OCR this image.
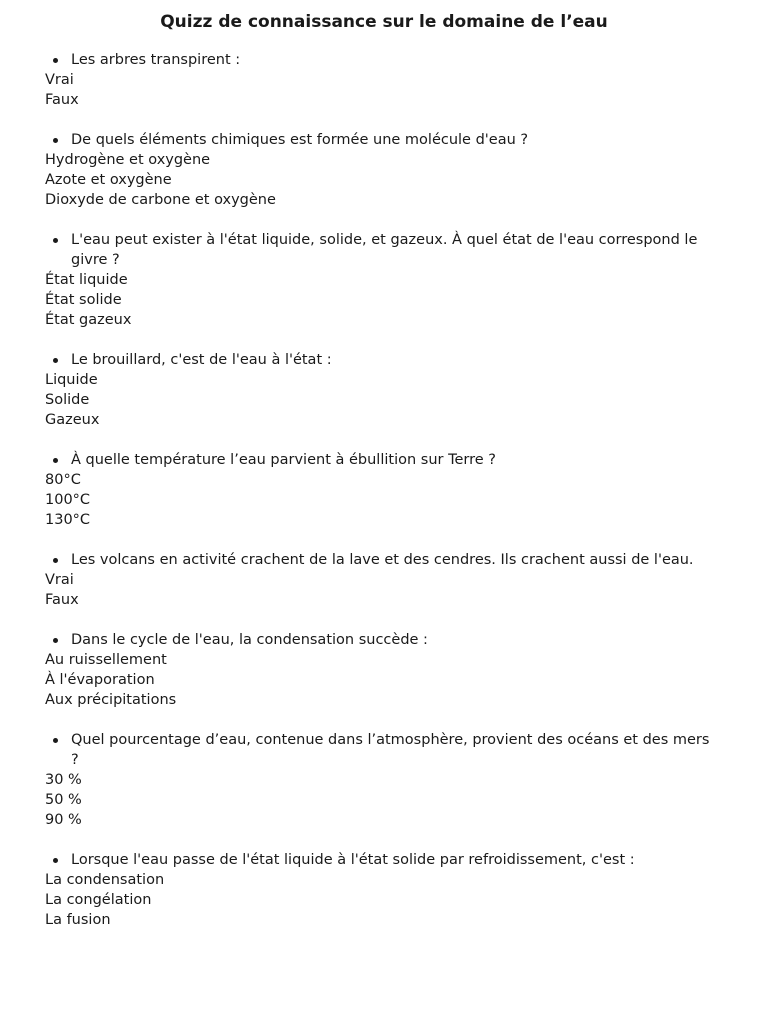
Quizz de connaissance sur le domaine de l’eau
Les arbres transpirent :
Vrai
Faux
De quels éléments chimiques est formée une molécule d'eau ?
Hydrogène et oxygène
Azote et oxygène
Dioxyde de carbone et oxygène
L'eau peut exister à l'état liquide, solide, et gazeux. À quel état de l'eau correspond le givre ?
État liquide
État solide
État gazeux
Le brouillard, c'est de l'eau à l'état :
Liquide
Solide
Gazeux
À quelle température l’eau parvient à ébullition sur Terre ?
80°C
100°C
130°C
Les volcans en activité crachent de la lave et des cendres. Ils crachent aussi de l'eau.
Vrai
Faux
Dans le cycle de l'eau, la condensation succède :
Au ruissellement
À l'évaporation
Aux précipitations
Quel pourcentage d’eau, contenue dans l’atmosphère, provient des océans et des mers ?
30 %
50 %
90 %
Lorsque l'eau passe de l'état liquide à l'état solide par refroidissement, c'est :
La condensation
La congélation
La fusion
